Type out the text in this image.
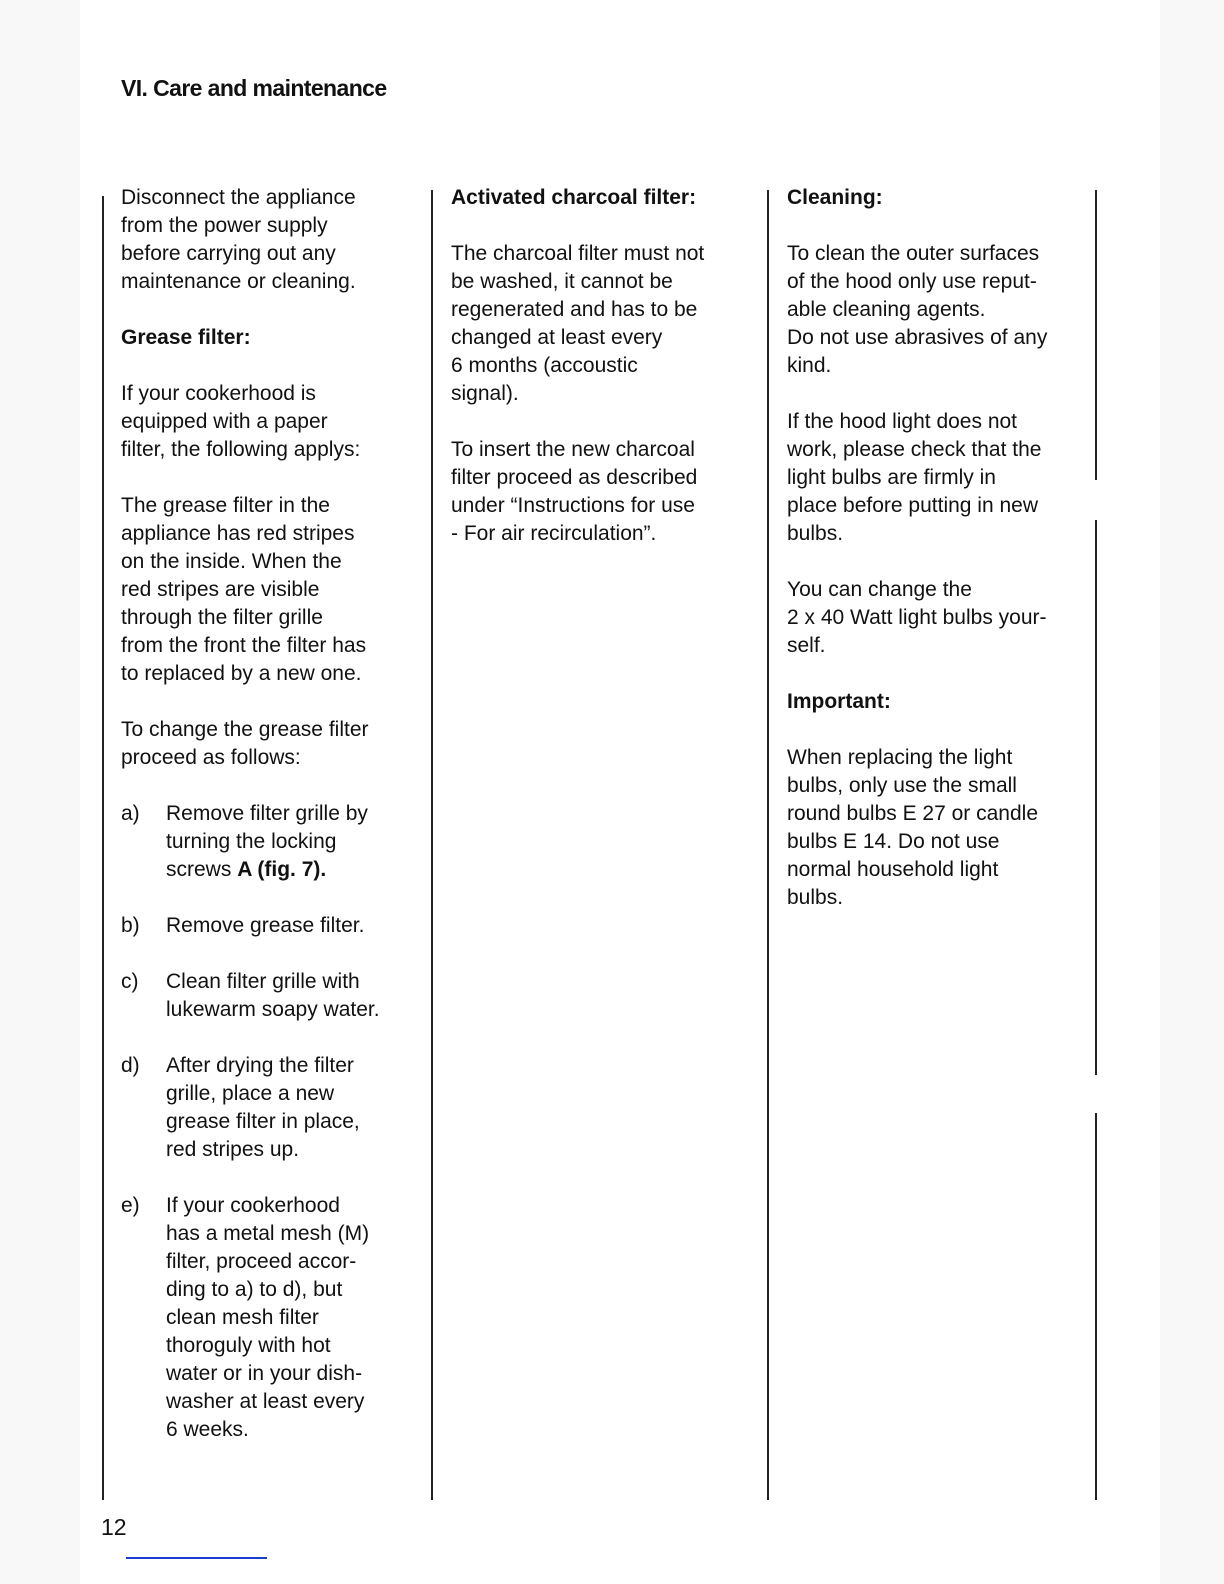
VI. Care and maintenance

Disconnect the appliance
from the power supply
before carrying out any
maintenance or cleaning.

Grease filter:

If your cookerhood is
equipped with a paper
filter, the following applys:

The grease filter in the
appliance has red stripes
on the inside. When the
red stripes are visible
through the filter grille
from the front the filter has
to replaced by a new one.

To change the grease filter
proceed as follows:

a)	Remove filter grille by
turning the locking
screws A (fig. 7).
b)	Remove grease filter.
c)	Clean filter grille with
lukewarm soapy water.
d)	After drying the filter
grille, place a new
grease filter in place,
red stripes up.
e)	If your cookerhood
has a metal mesh (M)
filter, proceed accor-
ding to a) to d), but
clean mesh filter
thoroguly with hot
water or in your dish-
washer at least every
6 weeks.
Activated charcoal filter:

The charcoal filter must not
be washed, it cannot be
regenerated and has to be
changed at least every
6 months (accoustic
signal).

To insert the new charcoal
filter proceed as described
under “Instructions for use
- For air recirculation”.

Cleaning:

To clean the outer surfaces
of the hood only use reput-
able cleaning agents.
Do not use abrasives of any
kind.

If the hood light does not
work, please check that the
light bulbs are firmly in
place before putting in new
bulbs.

You can change the
2 x 40 Watt light bulbs your-
self.

Important:

When replacing the light
bulbs, only use the small
round bulbs E 27 or candle
bulbs E 14. Do not use
normal household light
bulbs.

12
